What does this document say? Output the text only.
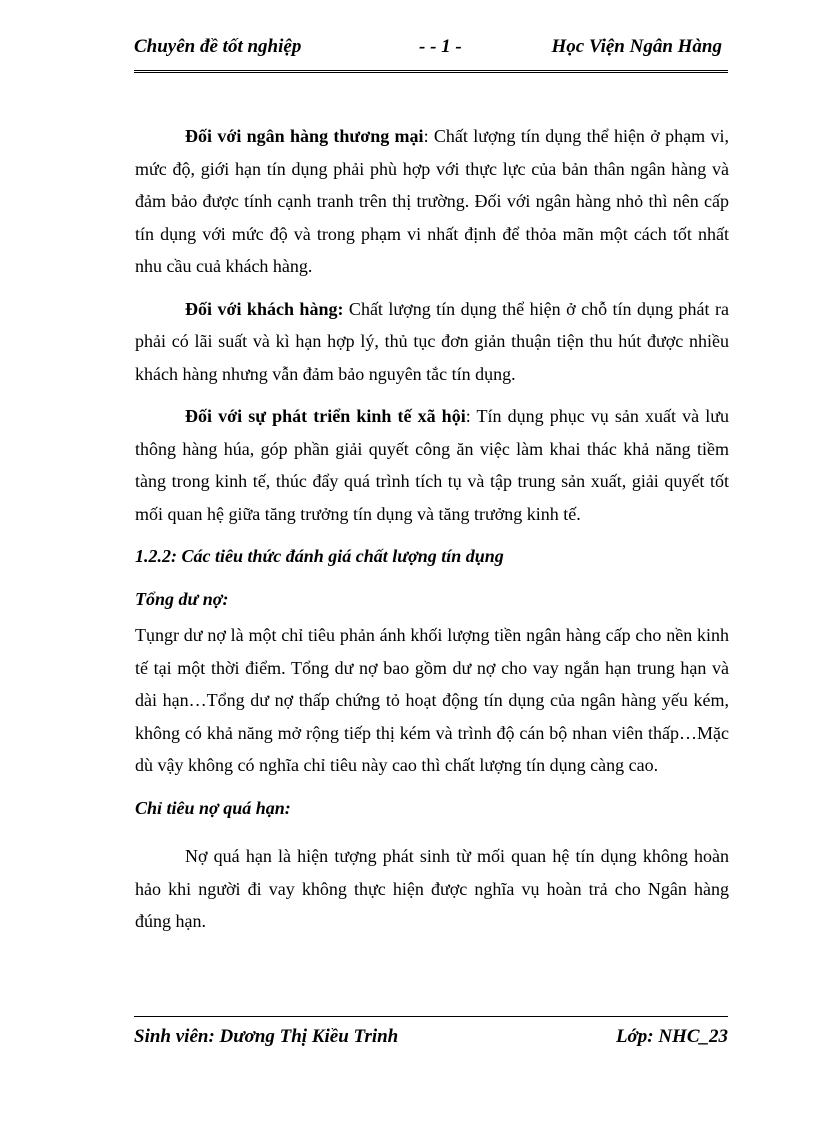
Chuyên đề tốt nghiệp	- - 1 -	Học Viện Ngân Hàng

Đối với ngân hàng thương mại: Chất lượng tín dụng thể hiện ở phạm vi, mức độ, giới hạn tín dụng phải phù hợp với thực lực của bản thân ngân hàng và đảm bảo được tính cạnh tranh trên thị trường. Đối với ngân hàng nhỏ thì nên cấp tín dụng với mức độ và trong phạm vi nhất định để thỏa mãn một cách tốt nhất nhu cầu cuả khách hàng.

Đối với khách hàng: Chất lượng tín dụng thể hiện ở chỗ tín dụng phát ra phải có lãi suất và kì hạn hợp lý, thủ tục đơn giản thuận tiện thu hút được nhiều khách hàng nhưng vẫn đảm bảo nguyên tắc tín dụng.

Đối với sự phát triển kinh tế xã hội: Tín dụng phục vụ sản xuất và lưu thông hàng húa, góp phần giải quyết công ăn việc làm khai thác khả năng tiềm tàng trong kinh tế, thúc đẩy quá trình tích tụ và tập trung sản xuất, giải quyết tốt mối quan hệ giữa tăng trưởng tín dụng và tăng trưởng kinh tế.

1.2.2: Các tiêu thức đánh giá chất lượng tín dụng

Tổng dư nợ:

Tụngr dư nợ là một chỉ tiêu phản ánh khối lượng tiền ngân hàng cấp cho nền kinh tế tại một thời điểm. Tổng dư nợ bao gồm dư nợ cho vay ngắn hạn trung hạn và dài hạn…Tổng dư nợ thấp chứng tỏ hoạt động tín dụng của ngân hàng yếu kém, không có khả năng mở rộng tiếp thị kém và trình độ cán bộ nhan viên thấp…Mặc dù vậy không có nghĩa chỉ tiêu này cao thì chất lượng tín dụng càng cao.

Chỉ tiêu nợ quá hạn:

Nợ quá hạn là hiện tượng phát sinh từ mối quan hệ tín dụng không hoàn hảo khi người đi vay không thực hiện được nghĩa vụ hoàn trả cho Ngân hàng đúng hạn.

Sinh viên: Dương Thị Kiều Trinh	Lớp: NHC_23
